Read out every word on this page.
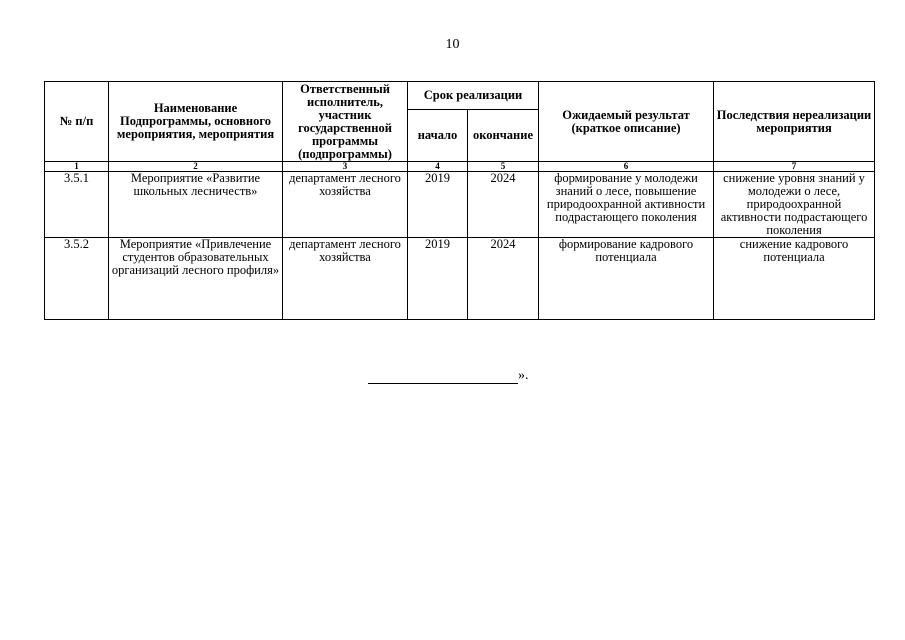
10
№ п/п	Наименование Подпрограммы, основного мероприятия, мероприятия	Ответственный исполнитель, участник государственной программы (подпрограммы)	Срок реализации		Ожидаемый результат (краткое описание)	Последствия нереализации мероприятия
			начало	окончание		
1	2	3	4	5	6	7
3.5.1	Мероприятие «Развитие школьных лесничеств»	департамент лесного хозяйства	2019	2024	формирование у молодежи знаний о лесе, повышение природоохранной активности подрастающего поколения	снижение уровня знаний у молодежи о лесе, природоохранной активности подрастающего поколения
3.5.2	Мероприятие «Привлечение студентов образовательных организаций лесного профиля»	департамент лесного хозяйства	2019	2024	формирование кадрового потенциала	снижение кадрового потенциала
».
